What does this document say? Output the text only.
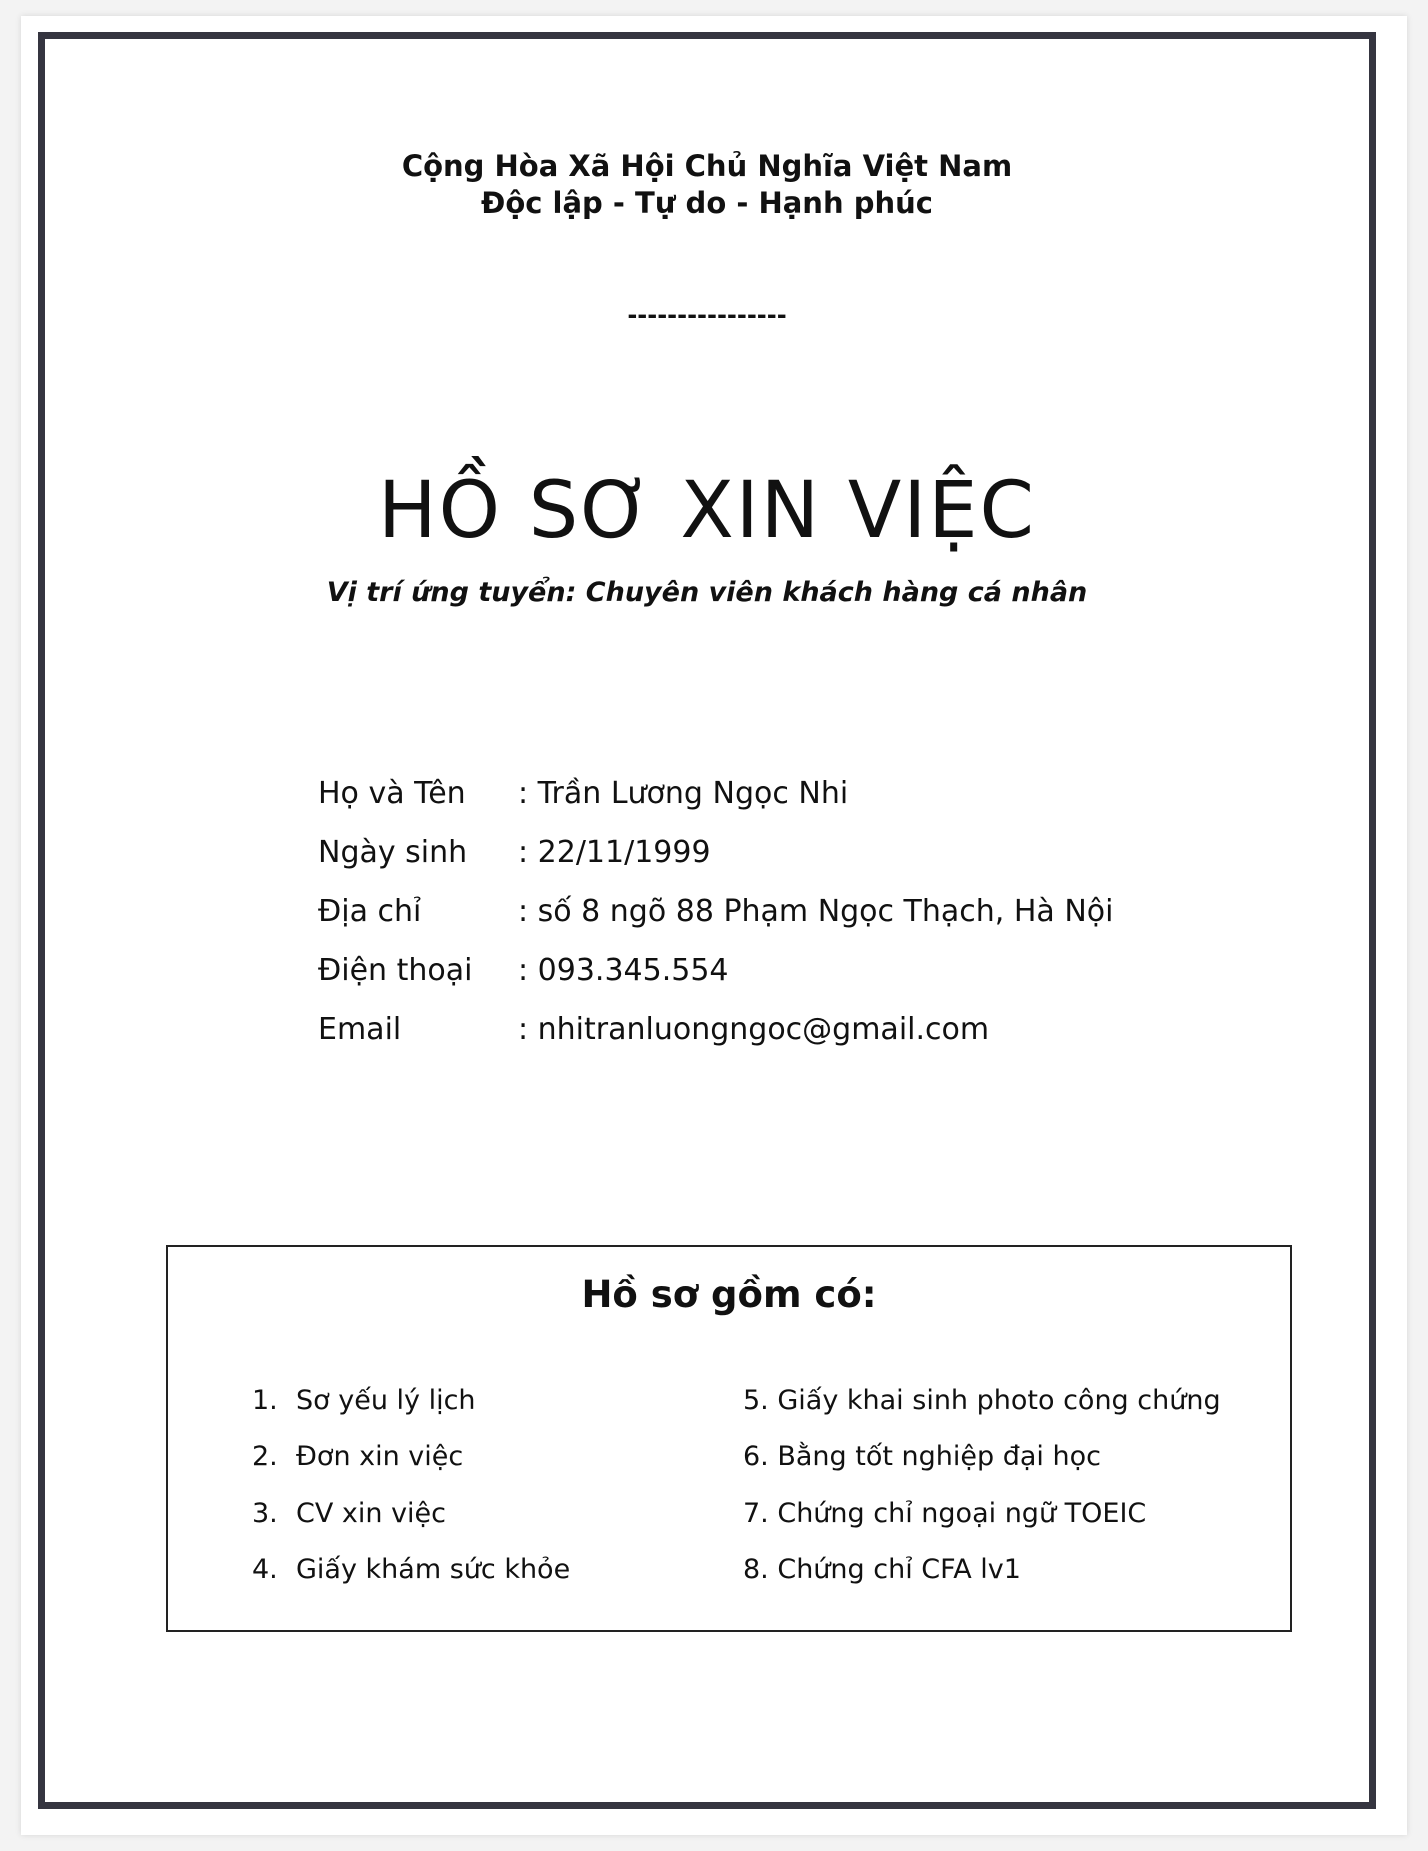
Cộng Hòa Xã Hội Chủ Nghĩa Việt Nam
Độc lập - Tự do - Hạnh phúc
----------------
HỒ SƠ XIN VIỆC
Vị trí ứng tuyển: Chuyên viên khách hàng cá nhân
Họ và Tên	: Trần Lương Ngọc Nhi
Ngày sinh	: 22/11/1999
Địa chỉ	: số 8 ngõ 88 Phạm Ngọc Thạch, Hà Nội
Điện thoại	: 093.345.554
Email	: nhitranluongngoc@gmail.com
Hồ sơ gồm có:
1. Sơ yếu lý lịch
2. Đơn xin việc
3. CV xin việc
4. Giấy khám sức khỏe
5. Giấy khai sinh photo công chứng
6. Bằng tốt nghiệp đại học
7. Chứng chỉ ngoại ngữ TOEIC
8. Chứng chỉ CFA lv1
